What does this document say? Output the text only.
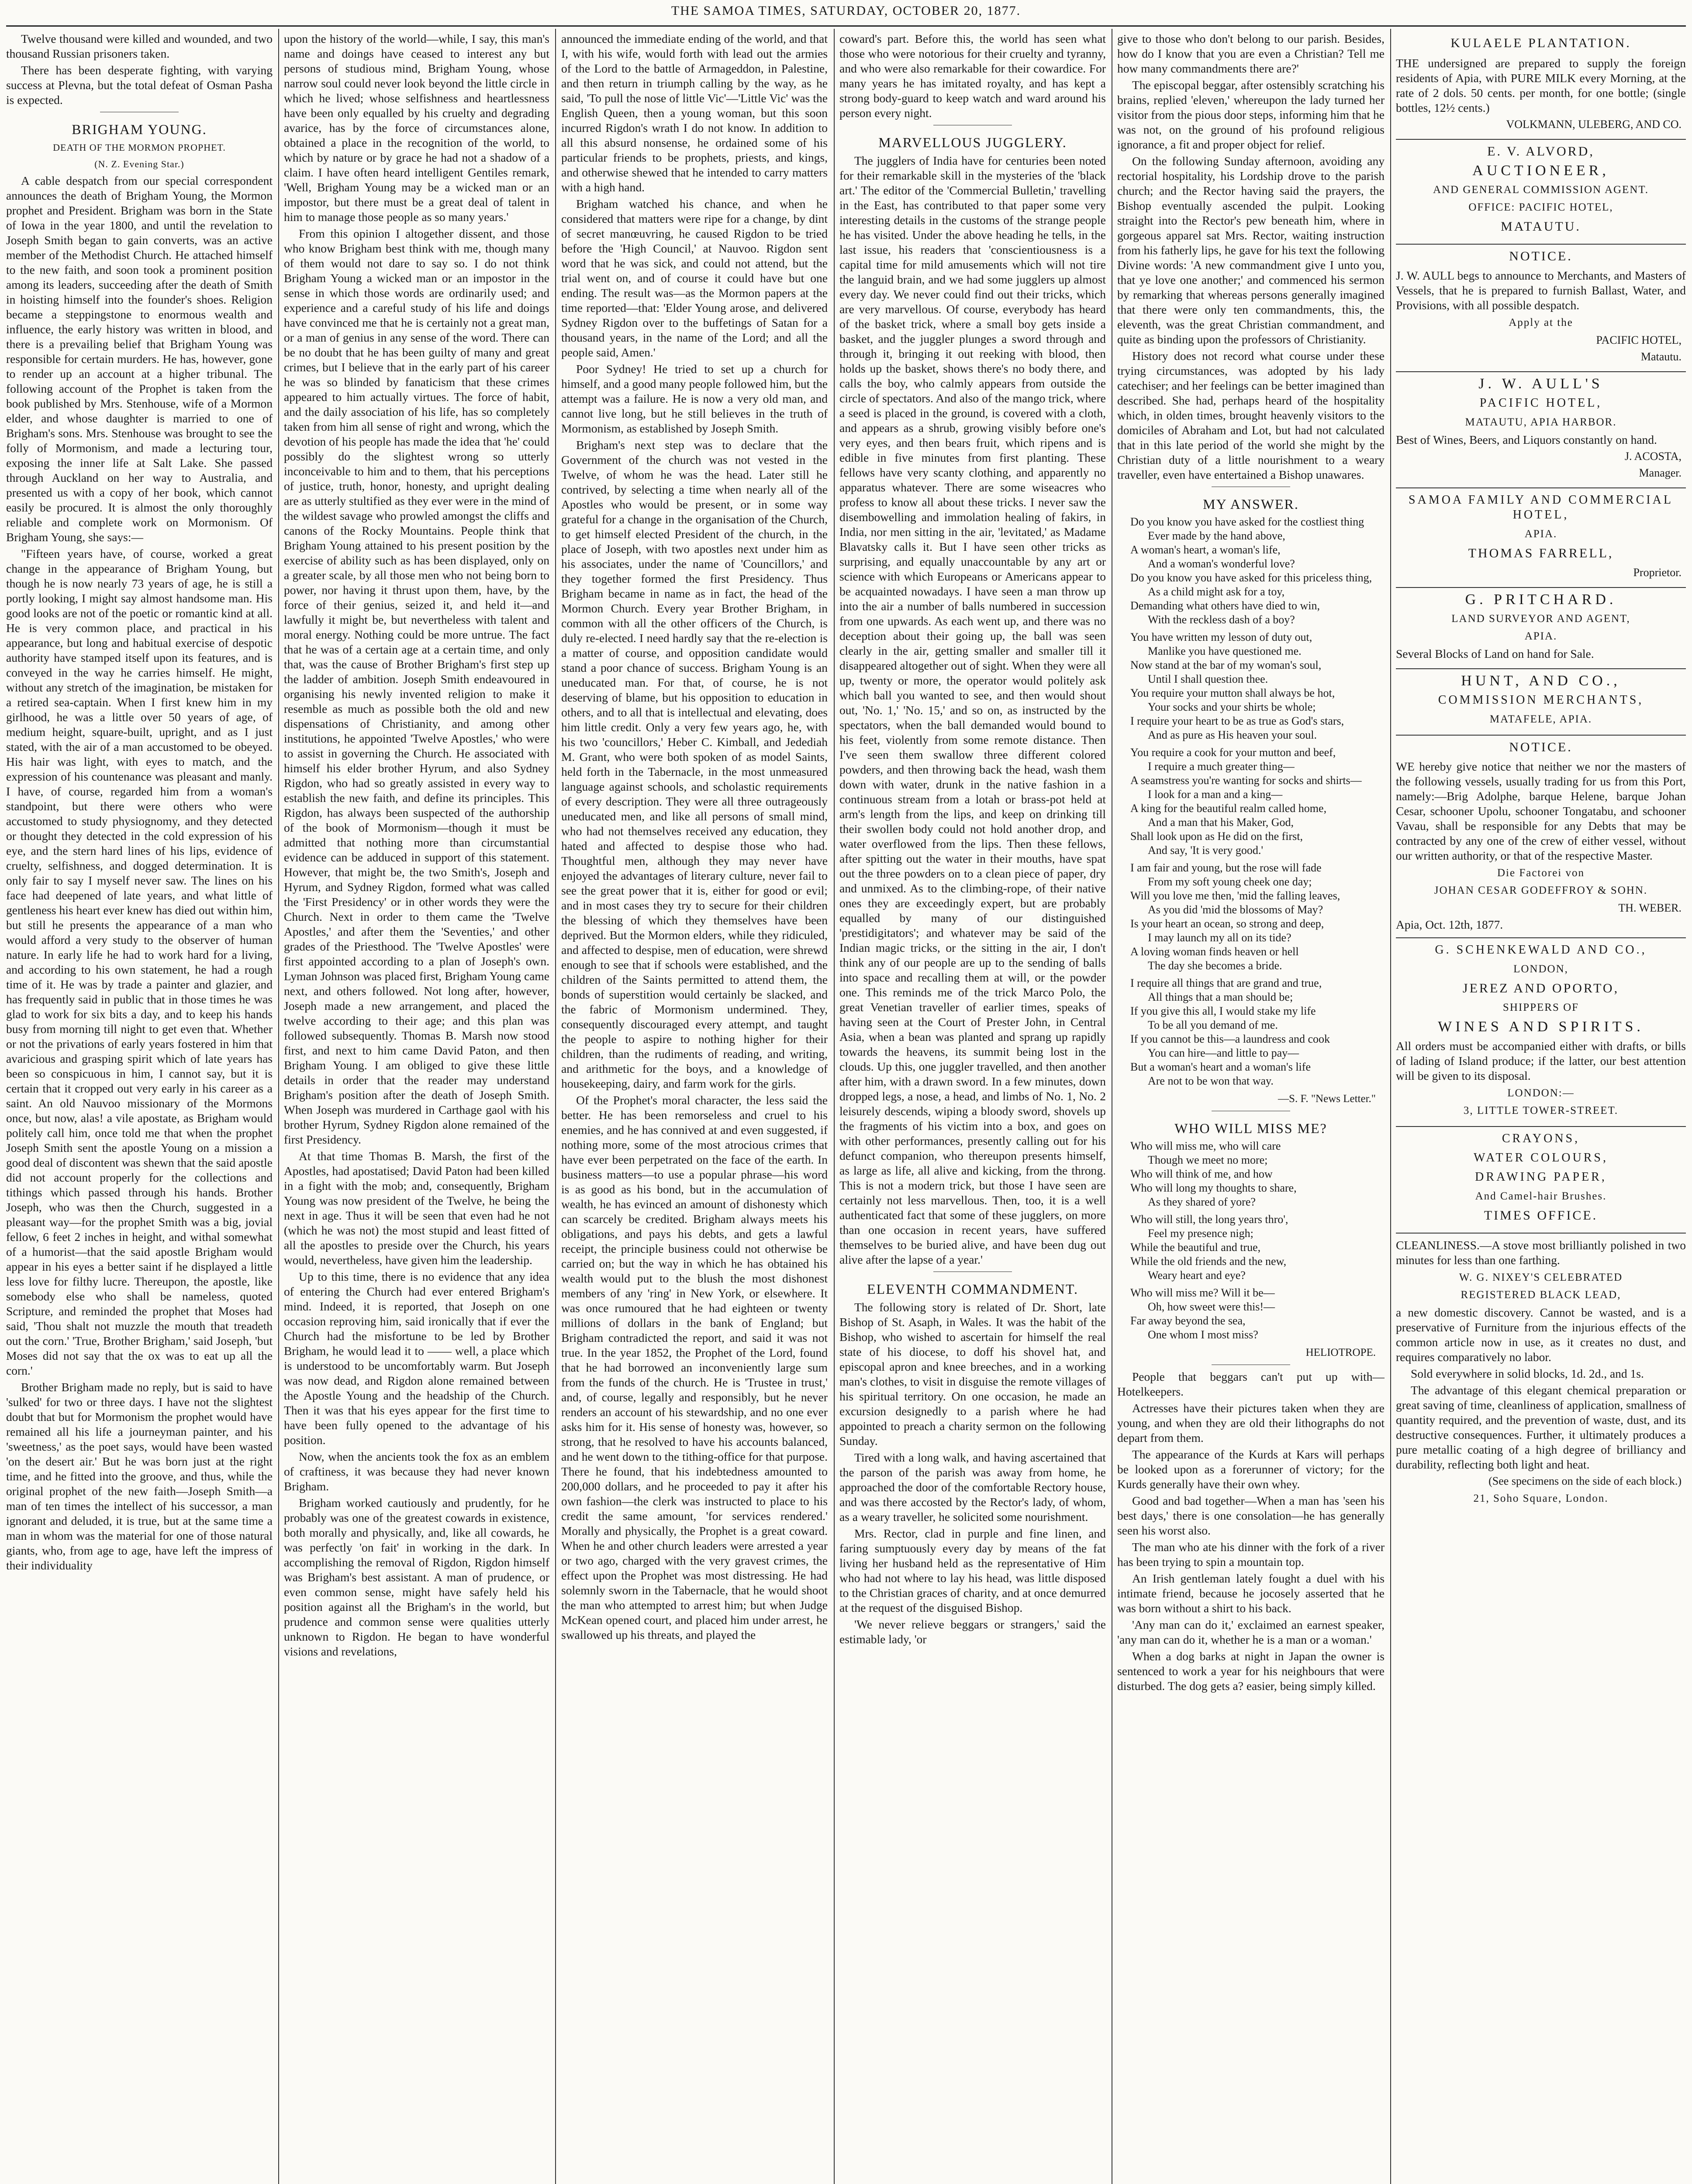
THE SAMOA TIMES, SATURDAY, OCTOBER 20, 1877.

Twelve thousand were killed and wounded, and two thousand Russian prisoners taken.

There has been desperate fighting, with varying success at Plevna, but the total defeat of Osman Pasha is expected.

BRIGHAM YOUNG.
DEATH OF THE MORMON PROPHET.
(N. Z. Evening Star.)

A cable despatch from our special correspondent announces the death of Brigham Young, the Mormon prophet and President. Brigham was born in the State of Iowa in the year 1800, and until the revelation to Joseph Smith began to gain converts, was an active member of the Methodist Church. He attached himself to the new faith, and soon took a prominent position among its leaders, succeeding after the death of Smith in hoisting himself into the founder's shoes. Religion became a steppingstone to enormous wealth and influence, the early history was written in blood, and there is a prevailing belief that Brigham Young was responsible for certain murders. He has, however, gone to render up an account at a higher tribunal. The following account of the Prophet is taken from the book published by Mrs. Stenhouse, wife of a Mormon elder, and whose daughter is married to one of Brigham's sons. Mrs. Stenhouse was brought to see the folly of Mormonism, and made a lecturing tour, exposing the inner life at Salt Lake. She passed through Auckland on her way to Australia, and presented us with a copy of her book, which cannot easily be procured. It is almost the only thoroughly reliable and complete work on Mormonism. Of Brigham Young, she says:—

"Fifteen years have, of course, worked a great change in the appearance of Brigham Young, but though he is now nearly 73 years of age, he is still a portly looking, I might say almost handsome man. His good looks are not of the poetic or romantic kind at all. He is very common place, and practical in his appearance, but long and habitual exercise of despotic authority have stamped itself upon its features, and is conveyed in the way he carries himself. He might, without any stretch of the imagination, be mistaken for a retired sea-captain. When I first knew him in my girlhood, he was a little over 50 years of age, of medium height, square-built, upright, and as I just stated, with the air of a man accustomed to be obeyed. His hair was light, with eyes to match, and the expression of his countenance was pleasant and manly. I have, of course, regarded him from a woman's standpoint, but there were others who were accustomed to study physiognomy, and they detected or thought they detected in the cold expression of his eye, and the stern hard lines of his lips, evidence of cruelty, selfishness, and dogged determination. It is only fair to say I myself never saw. The lines on his face had deepened of late years, and what little of gentleness his heart ever knew has died out within him, but still he presents the appearance of a man who would afford a very study to the observer of human nature. In early life he had to work hard for a living, and according to his own statement, he had a rough time of it. He was by trade a painter and glazier, and has frequently said in public that in those times he was glad to work for six bits a day, and to keep his hands busy from morning till night to get even that. Whether or not the privations of early years fostered in him that avaricious and grasping spirit which of late years has been so conspicuous in him, I cannot say, but it is certain that it cropped out very early in his career as a saint. An old Nauvoo missionary of the Mormons once, but now, alas! a vile apostate, as Brigham would politely call him, once told me that when the prophet Joseph Smith sent the apostle Young on a mission a good deal of discontent was shewn that the said apostle did not account properly for the collections and tithings which passed through his hands. Brother Joseph, who was then the Church, suggested in a pleasant way—for the prophet Smith was a big, jovial fellow, 6 feet 2 inches in height, and withal somewhat of a humorist—that the said apostle Brigham would appear in his eyes a better saint if he displayed a little less love for filthy lucre. Thereupon, the apostle, like somebody else who shall be nameless, quoted Scripture, and reminded the prophet that Moses had said, 'Thou shalt not muzzle the mouth that treadeth out the corn.' 'True, Brother Brigham,' said Joseph, 'but Moses did not say that the ox was to eat up all the corn.'

Brother Brigham made no reply, but is said to have 'sulked' for two or three days. I have not the slightest doubt that but for Mormonism the prophet would have remained all his life a journeyman painter, and his 'sweetness,' as the poet says, would have been wasted 'on the desert air.' But he was born just at the right time, and he fitted into the groove, and thus, while the original prophet of the new faith—Joseph Smith—a man of ten times the intellect of his successor, a man ignorant and deluded, it is true, but at the same time a man in whom was the material for one of those natural giants, who, from age to age, have left the impress of their individuality

upon the history of the world—while, I say, this man's name and doings have ceased to interest any but persons of studious mind, Brigham Young, whose narrow soul could never look beyond the little circle in which he lived; whose selfishness and heartlessness have been only equalled by his cruelty and degrading avarice, has by the force of circumstances alone, obtained a place in the recognition of the world, to which by nature or by grace he had not a shadow of a claim. I have often heard intelligent Gentiles remark, 'Well, Brigham Young may be a wicked man or an impostor, but there must be a great deal of talent in him to manage those people as so many years.'

From this opinion I altogether dissent, and those who know Brigham best think with me, though many of them would not dare to say so. I do not think Brigham Young a wicked man or an impostor in the sense in which those words are ordinarily used; and experience and a careful study of his life and doings have convinced me that he is certainly not a great man, or a man of genius in any sense of the word. There can be no doubt that he has been guilty of many and great crimes, but I believe that in the early part of his career he was so blinded by fanaticism that these crimes appeared to him actually virtues. The force of habit, and the daily association of his life, has so completely taken from him all sense of right and wrong, which the devotion of his people has made the idea that 'he' could possibly do the slightest wrong so utterly inconceivable to him and to them, that his perceptions of justice, truth, honor, honesty, and upright dealing are as utterly stultified as they ever were in the mind of the wildest savage who prowled amongst the cliffs and canons of the Rocky Mountains. People think that Brigham Young attained to his present position by the exercise of ability such as has been displayed, only on a greater scale, by all those men who not being born to power, nor having it thrust upon them, have, by the force of their genius, seized it, and held it—and lawfully it might be, but nevertheless with talent and moral energy. Nothing could be more untrue. The fact that he was of a certain age at a certain time, and only that, was the cause of Brother Brigham's first step up the ladder of ambition. Joseph Smith endeavoured in organising his newly invented religion to make it resemble as much as possible both the old and new dispensations of Christianity, and among other institutions, he appointed 'Twelve Apostles,' who were to assist in governing the Church. He associated with himself his elder brother Hyrum, and also Sydney Rigdon, who had so greatly assisted in every way to establish the new faith, and define its principles. This Rigdon, has always been suspected of the authorship of the book of Mormonism—though it must be admitted that nothing more than circumstantial evidence can be adduced in support of this statement. However, that might be, the two Smith's, Joseph and Hyrum, and Sydney Rigdon, formed what was called the 'First Presidency' or in other words they were the Church. Next in order to them came the 'Twelve Apostles,' and after them the 'Seventies,' and other grades of the Priesthood. The 'Twelve Apostles' were first appointed according to a plan of Joseph's own. Lyman Johnson was placed first, Brigham Young came next, and others followed. Not long after, however, Joseph made a new arrangement, and placed the twelve according to their age; and this plan was followed subsequently. Thomas B. Marsh now stood first, and next to him came David Paton, and then Brigham Young. I am obliged to give these little details in order that the reader may understand Brigham's position after the death of Joseph Smith. When Joseph was murdered in Carthage gaol with his brother Hyrum, Sydney Rigdon alone remained of the first Presidency.

At that time Thomas B. Marsh, the first of the Apostles, had apostatised; David Paton had been killed in a fight with the mob; and, consequently, Brigham Young was now president of the Twelve, he being the next in age. Thus it will be seen that even had he not (which he was not) the most stupid and least fitted of all the apostles to preside over the Church, his years would, nevertheless, have given him the leadership.

Up to this time, there is no evidence that any idea of entering the Church had ever entered Brigham's mind. Indeed, it is reported, that Joseph on one occasion reproving him, said ironically that if ever the Church had the misfortune to be led by Brother Brigham, he would lead it to —— well, a place which is understood to be uncomfortably warm. But Joseph was now dead, and Rigdon alone remained between the Apostle Young and the headship of the Church. Then it was that his eyes appear for the first time to have been fully opened to the advantage of his position.

Now, when the ancients took the fox as an emblem of craftiness, it was because they had never known Brigham.

Brigham worked cautiously and prudently, for he probably was one of the greatest cowards in existence, both morally and physically, and, like all cowards, he was perfectly 'on fait' in working in the dark. In accomplishing the removal of Rigdon, Rigdon himself was Brigham's best assistant. A man of prudence, or even common sense, might have safely held his position against all the Brigham's in the world, but prudence and common sense were qualities utterly unknown to Rigdon. He began to have wonderful visions and revelations,

announced the immediate ending of the world, and that I, with his wife, would forth with lead out the armies of the Lord to the battle of Armageddon, in Palestine, and then return in triumph calling by the way, as he said, 'To pull the nose of little Vic'—'Little Vic' was the English Queen, then a young woman, but this soon incurred Rigdon's wrath I do not know. In addition to all this absurd nonsense, he ordained some of his particular friends to be prophets, priests, and kings, and otherwise shewed that he intended to carry matters with a high hand.

Brigham watched his chance, and when he considered that matters were ripe for a change, by dint of secret manœuvring, he caused Rigdon to be tried before the 'High Council,' at Nauvoo. Rigdon sent word that he was sick, and could not attend, but the trial went on, and of course it could have but one ending. The result was—as the Mormon papers at the time reported—that: 'Elder Young arose, and delivered Sydney Rigdon over to the buffetings of Satan for a thousand years, in the name of the Lord; and all the people said, Amen.'

Poor Sydney! He tried to set up a church for himself, and a good many people followed him, but the attempt was a failure. He is now a very old man, and cannot live long, but he still believes in the truth of Mormonism, as established by Joseph Smith.

Brigham's next step was to declare that the Government of the church was not vested in the Twelve, of whom he was the head. Later still he contrived, by selecting a time when nearly all of the Apostles who would be present, or in some way grateful for a change in the organisation of the Church, to get himself elected President of the church, in the place of Joseph, with two apostles next under him as his associates, under the name of 'Councillors,' and they together formed the first Presidency. Thus Brigham became in name as in fact, the head of the Mormon Church. Every year Brother Brigham, in common with all the other officers of the Church, is duly re-elected. I need hardly say that the re-election is a matter of course, and opposition candidate would stand a poor chance of success. Brigham Young is an uneducated man. For that, of course, he is not deserving of blame, but his opposition to education in others, and to all that is intellectual and elevating, does him little credit. Only a very few years ago, he, with his two 'councillors,' Heber C. Kimball, and Jedediah M. Grant, who were both spoken of as model Saints, held forth in the Tabernacle, in the most unmeasured language against schools, and scholastic requirements of every description. They were all three outrageously uneducated men, and like all persons of small mind, who had not themselves received any education, they hated and affected to despise those who had. Thoughtful men, although they may never have enjoyed the advantages of literary culture, never fail to see the great power that it is, either for good or evil; and in most cases they try to secure for their children the blessing of which they themselves have been deprived. But the Mormon elders, while they ridiculed, and affected to despise, men of education, were shrewd enough to see that if schools were established, and the children of the Saints permitted to attend them, the bonds of superstition would certainly be slacked, and the fabric of Mormonism undermined. They, consequently discouraged every attempt, and taught the people to aspire to nothing higher for their children, than the rudiments of reading, and writing, and arithmetic for the boys, and a knowledge of housekeeping, dairy, and farm work for the girls.

Of the Prophet's moral character, the less said the better. He has been remorseless and cruel to his enemies, and he has connived at and even suggested, if nothing more, some of the most atrocious crimes that have ever been perpetrated on the face of the earth. In business matters—to use a popular phrase—his word is as good as his bond, but in the accumulation of wealth, he has evinced an amount of dishonesty which can scarcely be credited. Brigham always meets his obligations, and pays his debts, and gets a lawful receipt, the principle business could not otherwise be carried on; but the way in which he has obtained his wealth would put to the blush the most dishonest members of any 'ring' in New York, or elsewhere. It was once rumoured that he had eighteen or twenty millions of dollars in the bank of England; but Brigham contradicted the report, and said it was not true. In the year 1852, the Prophet of the Lord, found that he had borrowed an inconveniently large sum from the funds of the church. He is 'Trustee in trust,' and, of course, legally and responsibly, but he never renders an account of his stewardship, and no one ever asks him for it. His sense of honesty was, however, so strong, that he resolved to have his accounts balanced, and he went down to the tithing-office for that purpose. There he found, that his indebtedness amounted to 200,000 dollars, and he proceeded to pay it after his own fashion—the clerk was instructed to place to his credit the same amount, 'for services rendered.' Morally and physically, the Prophet is a great coward. When he and other church leaders were arrested a year or two ago, charged with the very gravest crimes, the effect upon the Prophet was most distressing. He had solemnly sworn in the Tabernacle, that he would shoot the man who attempted to arrest him; but when Judge McKean opened court, and placed him under arrest, he swallowed up his threats, and played the

coward's part. Before this, the world has seen what those who were notorious for their cruelty and tyranny, and who were also remarkable for their cowardice. For many years he has imitated royalty, and has kept a strong body-guard to keep watch and ward around his person every night.

MARVELLOUS JUGGLERY.

The jugglers of India have for centuries been noted for their remarkable skill in the mysteries of the 'black art.' The editor of the 'Commercial Bulletin,' travelling in the East, has contributed to that paper some very interesting details in the customs of the strange people he has visited. Under the above heading he tells, in the last issue, his readers that 'conscientiousness is a capital time for mild amusements which will not tire the languid brain, and we had some jugglers up almost every day. We never could find out their tricks, which are very marvellous. Of course, everybody has heard of the basket trick, where a small boy gets inside a basket, and the juggler plunges a sword through and through it, bringing it out reeking with blood, then holds up the basket, shows there's no body there, and calls the boy, who calmly appears from outside the circle of spectators. And also of the mango trick, where a seed is placed in the ground, is covered with a cloth, and appears as a shrub, growing visibly before one's very eyes, and then bears fruit, which ripens and is edible in five minutes from first planting. These fellows have very scanty clothing, and apparently no apparatus whatever. There are some wiseacres who profess to know all about these tricks. I never saw the disembowelling and immolation healing of fakirs, in India, nor men sitting in the air, 'levitated,' as Madame Blavatsky calls it. But I have seen other tricks as surprising, and equally unaccountable by any art or science with which Europeans or Americans appear to be acquainted nowadays. I have seen a man throw up into the air a number of balls numbered in succession from one upwards. As each went up, and there was no deception about their going up, the ball was seen clearly in the air, getting smaller and smaller till it disappeared altogether out of sight. When they were all up, twenty or more, the operator would politely ask which ball you wanted to see, and then would shout out, 'No. 1,' 'No. 15,' and so on, as instructed by the spectators, when the ball demanded would bound to his feet, violently from some remote distance. Then I've seen them swallow three different colored powders, and then throwing back the head, wash them down with water, drunk in the native fashion in a continuous stream from a lotah or brass-pot held at arm's length from the lips, and keep on drinking till their swollen body could not hold another drop, and water overflowed from the lips. Then these fellows, after spitting out the water in their mouths, have spat out the three powders on to a clean piece of paper, dry and unmixed. As to the climbing-rope, of their native ones they are exceedingly expert, but are probably equalled by many of our distinguished 'prestidigitators'; and whatever may be said of the Indian magic tricks, or the sitting in the air, I don't think any of our people are up to the sending of balls into space and recalling them at will, or the powder one. This reminds me of the trick Marco Polo, the great Venetian traveller of earlier times, speaks of having seen at the Court of Prester John, in Central Asia, when a bean was planted and sprang up rapidly towards the heavens, its summit being lost in the clouds. Up this, one juggler travelled, and then another after him, with a drawn sword. In a few minutes, down dropped legs, a nose, a head, and limbs of No. 1, No. 2 leisurely descends, wiping a bloody sword, shovels up the fragments of his victim into a box, and goes on with other performances, presently calling out for his defunct companion, who thereupon presents himself, as large as life, all alive and kicking, from the throng. This is not a modern trick, but those I have seen are certainly not less marvellous. Then, too, it is a well authenticated fact that some of these jugglers, on more than one occasion in recent years, have suffered themselves to be buried alive, and have been dug out alive after the lapse of a year.'

ELEVENTH COMMANDMENT.

The following story is related of Dr. Short, late Bishop of St. Asaph, in Wales. It was the habit of the Bishop, who wished to ascertain for himself the real state of his diocese, to doff his shovel hat, and episcopal apron and knee breeches, and in a working man's clothes, to visit in disguise the remote villages of his spiritual territory. On one occasion, he made an excursion designedly to a parish where he had appointed to preach a charity sermon on the following Sunday.

Tired with a long walk, and having ascertained that the parson of the parish was away from home, he approached the door of the comfortable Rectory house, and was there accosted by the Rector's lady, of whom, as a weary traveller, he solicited some nourishment.

Mrs. Rector, clad in purple and fine linen, and faring sumptuously every day by means of the fat living her husband held as the representative of Him who had not where to lay his head, was little disposed to the Christian graces of charity, and at once demurred at the request of the disguised Bishop.

'We never relieve beggars or strangers,' said the estimable lady, 'or

give to those who don't belong to our parish. Besides, how do I know that you are even a Christian? Tell me how many commandments there are?'

The episcopal beggar, after ostensibly scratching his brains, replied 'eleven,' whereupon the lady turned her visitor from the pious door steps, informing him that he was not, on the ground of his profound religious ignorance, a fit and proper object for relief.

On the following Sunday afternoon, avoiding any rectorial hospitality, his Lordship drove to the parish church; and the Rector having said the prayers, the Bishop eventually ascended the pulpit. Looking straight into the Rector's pew beneath him, where in gorgeous apparel sat Mrs. Rector, waiting instruction from his fatherly lips, he gave for his text the following Divine words: 'A new commandment give I unto you, that ye love one another;' and commenced his sermon by remarking that whereas persons generally imagined that there were only ten commandments, this, the eleventh, was the great Christian commandment, and quite as binding upon the professors of Christianity.

History does not record what course under these trying circumstances, was adopted by his lady catechiser; and her feelings can be better imagined than described. She had, perhaps heard of the hospitality which, in olden times, brought heavenly visitors to the domiciles of Abraham and Lot, but had not calculated that in this late period of the world she might by the Christian duty of a little nourishment to a weary traveller, even have entertained a Bishop unawares.

MY ANSWER.
Do you know you have asked for the costliest thing
Ever made by the hand above,
A woman's heart, a woman's life,
And a woman's wonderful love?
Do you know you have asked for this priceless thing,
As a child might ask for a toy,
Demanding what others have died to win,
With the reckless dash of a boy?
You have written my lesson of duty out,
Manlike you have questioned me.
Now stand at the bar of my woman's soul,
Until I shall question thee.
You require your mutton shall always be hot,
Your socks and your shirts be whole;
I require your heart to be as true as God's stars,
And as pure as His heaven your soul.
You require a cook for your mutton and beef,
I require a much greater thing—
A seamstress you're wanting for socks and shirts—
I look for a man and a king—
A king for the beautiful realm called home,
And a man that his Maker, God,
Shall look upon as He did on the first,
And say, 'It is very good.'
I am fair and young, but the rose will fade
From my soft young cheek one day;
Will you love me then, 'mid the falling leaves,
As you did 'mid the blossoms of May?
Is your heart an ocean, so strong and deep,
I may launch my all on its tide?
A loving woman finds heaven or hell
The day she becomes a bride.
I require all things that are grand and true,
All things that a man should be;
If you give this all, I would stake my life
To be all you demand of me.
If you cannot be this—a laundress and cook
You can hire—and little to pay—
But a woman's heart and a woman's life
Are not to be won that way.
—S. F. "News Letter."
WHO WILL MISS ME?
Who will miss me, who will care
Though we meet no more;
Who will think of me, and how
Who will long my thoughts to share,
As they shared of yore?
Who will still, the long years thro',
Feel my presence nigh;
While the beautiful and true,
While the old friends and the new,
Weary heart and eye?
Who will miss me? Will it be—
Oh, how sweet were this!—
Far away beyond the sea,
One whom I most miss?
HELIOTROPE.

People that beggars can't put up with—Hotelkeepers.

Actresses have their pictures taken when they are young, and when they are old their lithographs do not depart from them.

The appearance of the Kurds at Kars will perhaps be looked upon as a forerunner of victory; for the Kurds generally have their own whey.

Good and bad together—When a man has 'seen his best days,' there is one consolation—he has generally seen his worst also.

The man who ate his dinner with the fork of a river has been trying to spin a mountain top.

An Irish gentleman lately fought a duel with his intimate friend, because he jocosely asserted that he was born without a shirt to his back.

'Any man can do it,' exclaimed an earnest speaker, 'any man can do it, whether he is a man or a woman.'

When a dog barks at night in Japan the owner is sentenced to work a year for his neighbours that were disturbed. The dog gets a? easier, being simply killed.

KULAELE PLANTATION.

THE undersigned are prepared to supply the foreign residents of Apia, with PURE MILK every Morning, at the rate of 2 dols. 50 cents. per month, for one bottle; (single bottles, 12½ cents.)

VOLKMANN, ULEBERG, AND CO.
E. V. ALVORD,
AUCTIONEER,
AND GENERAL COMMISSION AGENT.
OFFICE: PACIFIC HOTEL,
MATAUTU.
NOTICE.

J. W. AULL begs to announce to Merchants, and Masters of Vessels, that he is prepared to furnish Ballast, Water, and Provisions, with all possible despatch.

Apply at the
PACIFIC HOTEL,
Matautu.
J. W. AULL'S
PACIFIC HOTEL,
MATAUTU, APIA HARBOR.

Best of Wines, Beers, and Liquors constantly on hand.

J. ACOSTA,
Manager.
SAMOA FAMILY AND COMMERCIAL HOTEL,
APIA.
THOMAS FARRELL,
Proprietor.
G. PRITCHARD.
LAND SURVEYOR AND AGENT,
APIA.

Several Blocks of Land on hand for Sale.

HUNT, AND CO.,
COMMISSION MERCHANTS,
MATAFELE, APIA.
NOTICE.

WE hereby give notice that neither we nor the masters of the following vessels, usually trading for us from this Port, namely:—Brig Adolphe, barque Helene, barque Johan Cesar, schooner Upolu, schooner Tongatabu, and schooner Vavau, shall be responsible for any Debts that may be contracted by any one of the crew of either vessel, without our written authority, or that of the respective Master.

Die Factorei von
JOHAN CESAR GODEFFROY & SOHN.
TH. WEBER.
Apia, Oct. 12th, 1877.
G. SCHENKEWALD AND CO.,
LONDON,
JEREZ AND OPORTO,
SHIPPERS OF
WINES AND SPIRITS.

All orders must be accompanied either with drafts, or bills of lading of Island produce; if the latter, our best attention will be given to its disposal.

LONDON:—
3, LITTLE TOWER-STREET.
CRAYONS,
WATER COLOURS,
DRAWING PAPER,
And Camel-hair Brushes.
TIMES OFFICE.

CLEANLINESS.—A stove most brilliantly polished in two minutes for less than one farthing.

W. G. NIXEY'S CELEBRATED
REGISTERED BLACK LEAD,

a new domestic discovery. Cannot be wasted, and is a preservative of Furniture from the injurious effects of the common article now in use, as it creates no dust, and requires comparatively no labor.

Sold everywhere in solid blocks, 1d. 2d., and 1s.

The advantage of this elegant chemical preparation or great saving of time, cleanliness of application, smallness of quantity required, and the prevention of waste, dust, and its destructive consequences. Further, it ultimately produces a pure metallic coating of a high degree of brilliancy and durability, reflecting both light and heat.

(See specimens on the side of each block.)
21, Soho Square, London.
